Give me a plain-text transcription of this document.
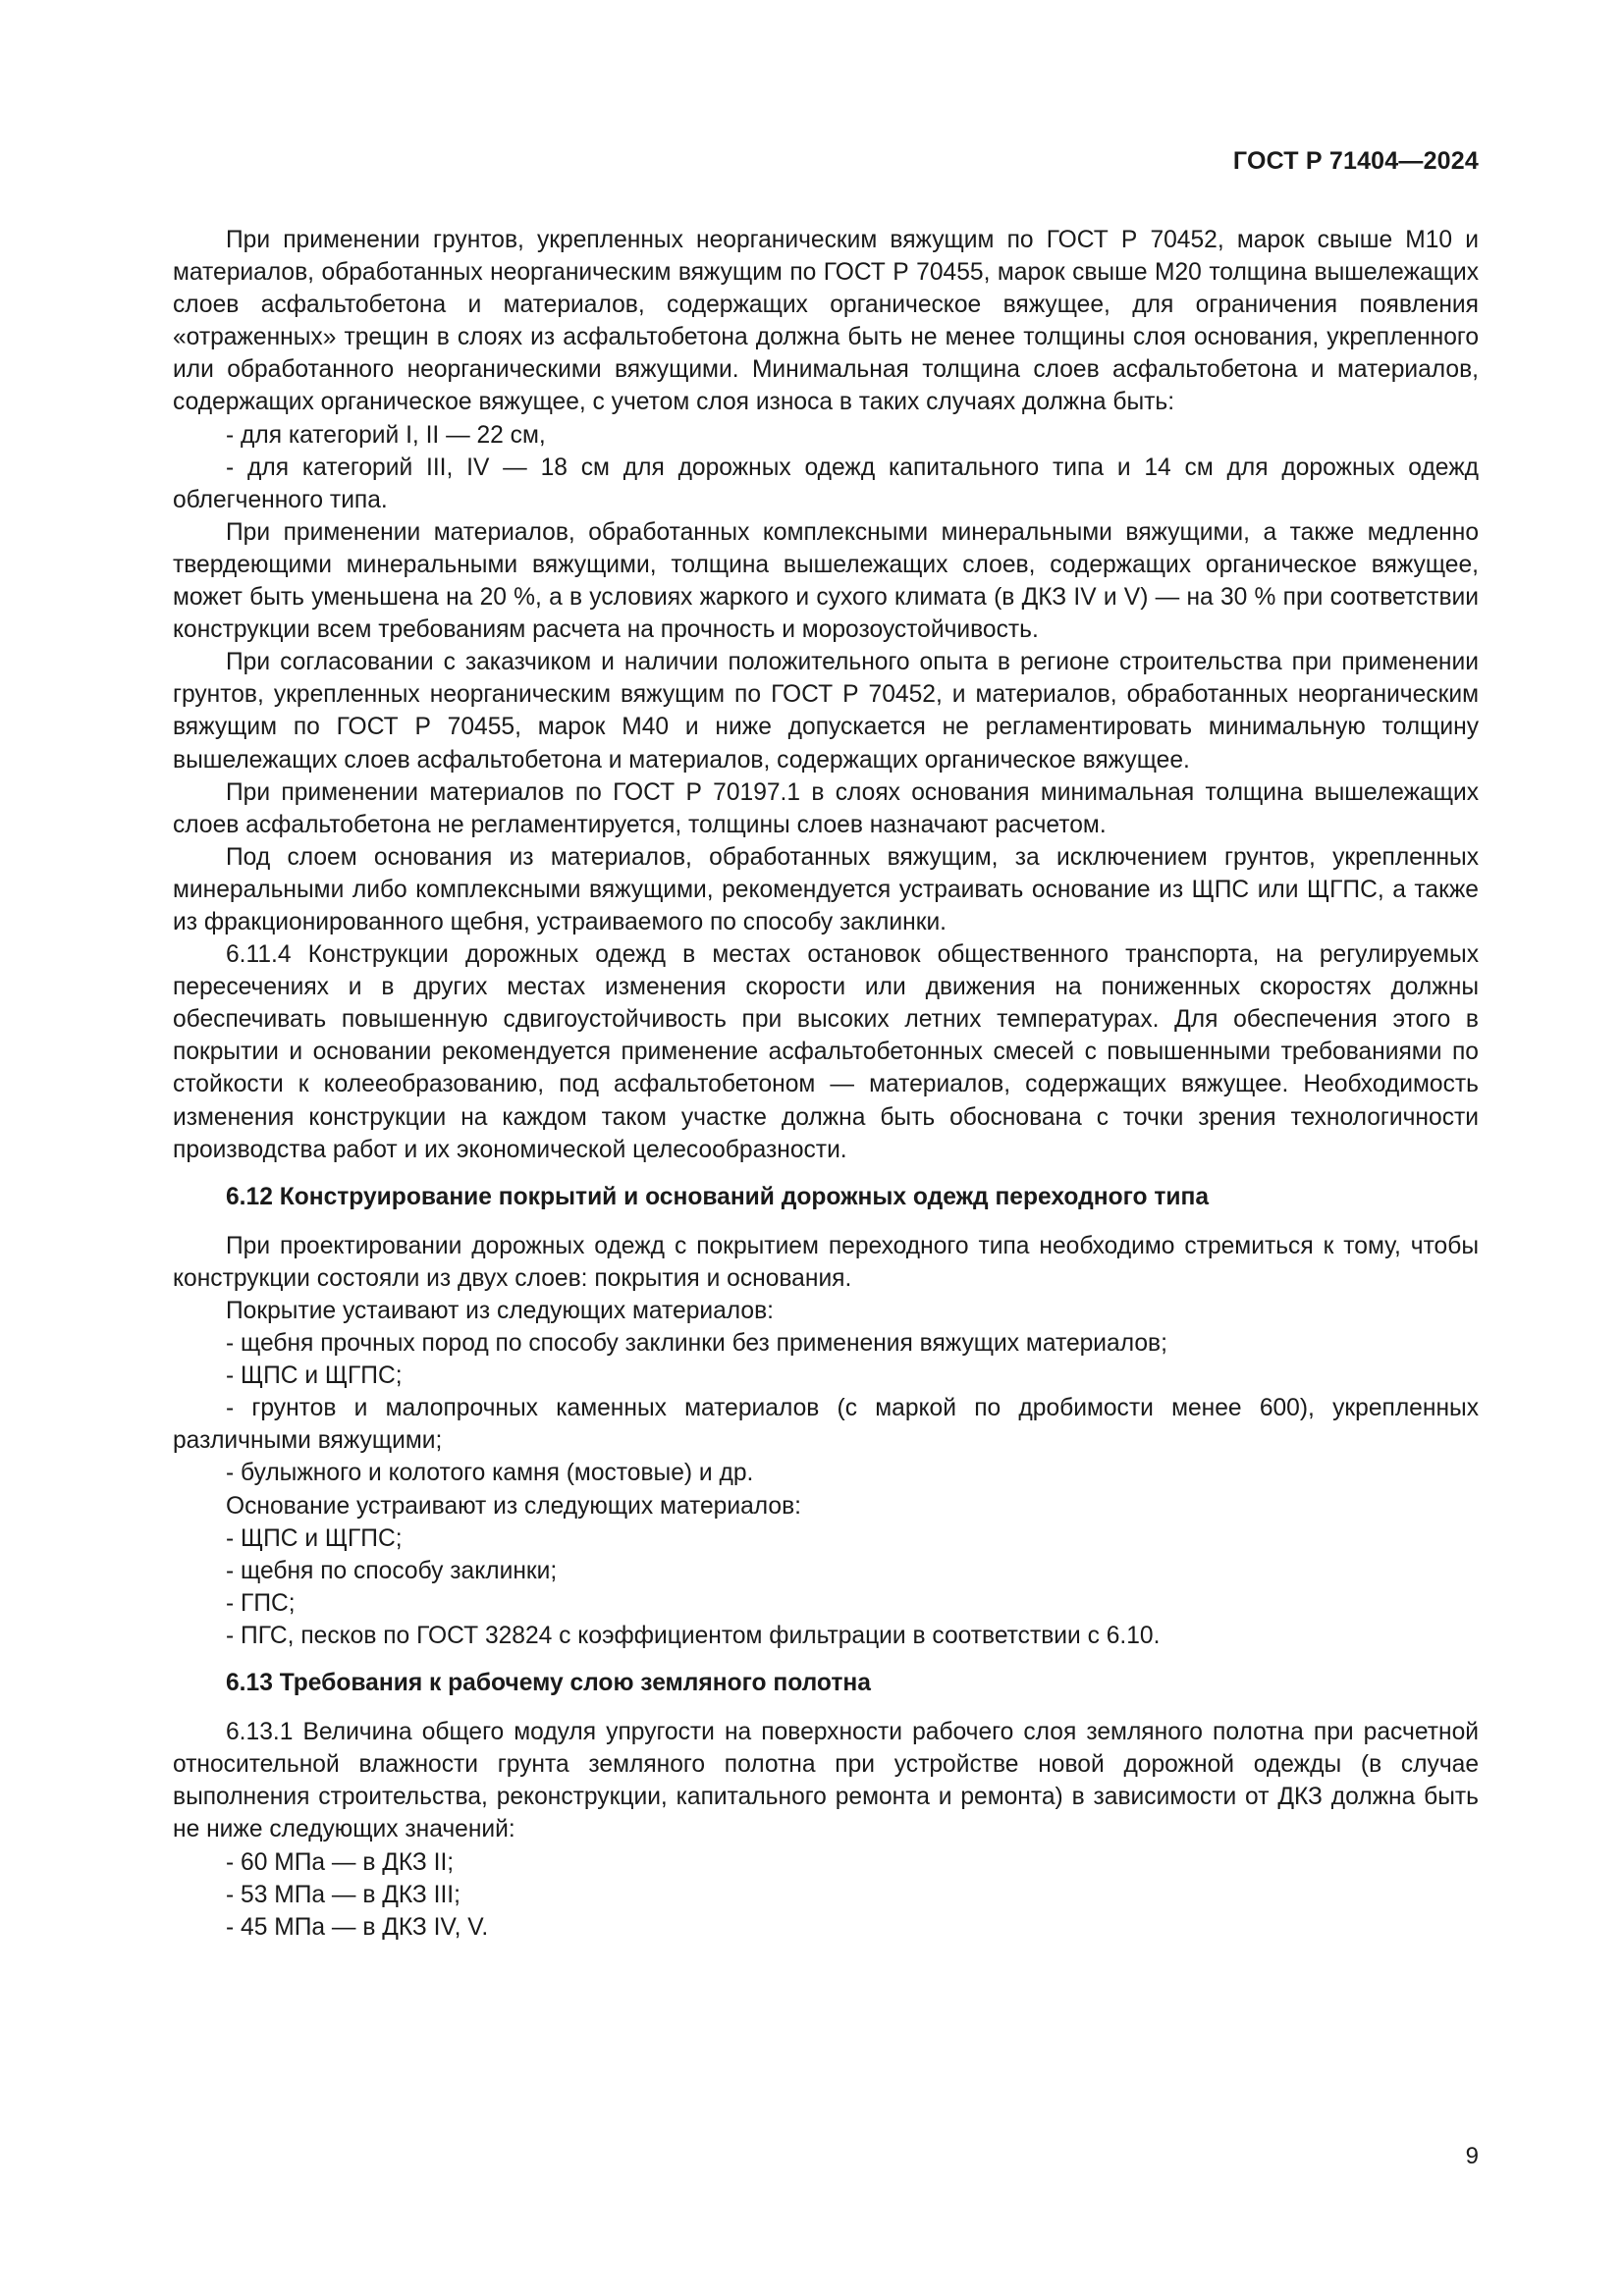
ГОСТ Р 71404—2024

При применении грунтов, укрепленных неорганическим вяжущим по ГОСТ Р 70452, марок свыше М10 и материалов, обработанных неорганическим вяжущим по ГОСТ Р 70455, марок свыше М20 толщина вышележащих слоев асфальтобетона и материалов, содержащих органическое вяжущее, для ограничения появления «отраженных» трещин в слоях из асфальтобетона должна быть не менее толщины слоя основания, укрепленного или обработанного неорганическими вяжущими. Минимальная толщина слоев асфальтобетона и материалов, содержащих органическое вяжущее, с учетом слоя износа в таких случаях должна быть:

- для категорий I, II — 22 см,

- для категорий III, IV — 18 см для дорожных одежд капитального типа и 14 см для дорожных одежд облегченного типа.

При применении материалов, обработанных комплексными минеральными вяжущими, а также медленно твердеющими минеральными вяжущими, толщина вышележащих слоев, содержащих органическое вяжущее, может быть уменьшена на 20 %, а в условиях жаркого и сухого климата (в ДКЗ IV и V) — на 30 % при соответствии конструкции всем требованиям расчета на прочность и морозоустойчивость.

При согласовании с заказчиком и наличии положительного опыта в регионе строительства при применении грунтов, укрепленных неорганическим вяжущим по ГОСТ Р 70452, и материалов, обработанных неорганическим вяжущим по ГОСТ Р 70455, марок М40 и ниже допускается не регламентировать минимальную толщину вышележащих слоев асфальтобетона и материалов, содержащих органическое вяжущее.

При применении материалов по ГОСТ Р 70197.1 в слоях основания минимальная толщина вышележащих слоев асфальтобетона не регламентируется, толщины слоев назначают расчетом.

Под слоем основания из материалов, обработанных вяжущим, за исключением грунтов, укрепленных минеральными либо комплексными вяжущими, рекомендуется устраивать основание из ЩПС или ЩГПС, а также из фракционированного щебня, устраиваемого по способу заклинки.

6.11.4 Конструкции дорожных одежд в местах остановок общественного транспорта, на регулируемых пересечениях и в других местах изменения скорости или движения на пониженных скоростях должны обеспечивать повышенную сдвигоустойчивость при высоких летних температурах. Для обеспечения этого в покрытии и основании рекомендуется применение асфальтобетонных смесей с повышенными требованиями по стойкости к колееобразованию, под асфальтобетоном — материалов, содержащих вяжущее. Необходимость изменения конструкции на каждом таком участке должна быть обоснована с точки зрения технологичности производства работ и их экономической целесообразности.

6.12 Конструирование покрытий и оснований дорожных одежд переходного типа

При проектировании дорожных одежд с покрытием переходного типа необходимо стремиться к тому, чтобы конструкции состояли из двух слоев: покрытия и основания.

Покрытие устаивают из следующих материалов:

- щебня прочных пород по способу заклинки без применения вяжущих материалов;

- ЩПС и ЩГПС;

- грунтов и малопрочных каменных материалов (с маркой по дробимости менее 600), укрепленных различными вяжущими;

- булыжного и колотого камня (мостовые) и др.

Основание устраивают из следующих материалов:

- ЩПС и ЩГПС;

- щебня по способу заклинки;

- ГПС;

- ПГС, песков по ГОСТ 32824 с коэффициентом фильтрации в соответствии с 6.10.

6.13 Требования к рабочему слою земляного полотна

6.13.1 Величина общего модуля упругости на поверхности рабочего слоя земляного полотна при расчетной относительной влажности грунта земляного полотна при устройстве новой дорожной одежды (в случае выполнения строительства, реконструкции, капитального ремонта и ремонта) в зависимости от ДКЗ должна быть не ниже следующих значений:

- 60 МПа — в ДКЗ II;

- 53 МПа — в ДКЗ III;

- 45 МПа — в ДКЗ IV, V.

9
